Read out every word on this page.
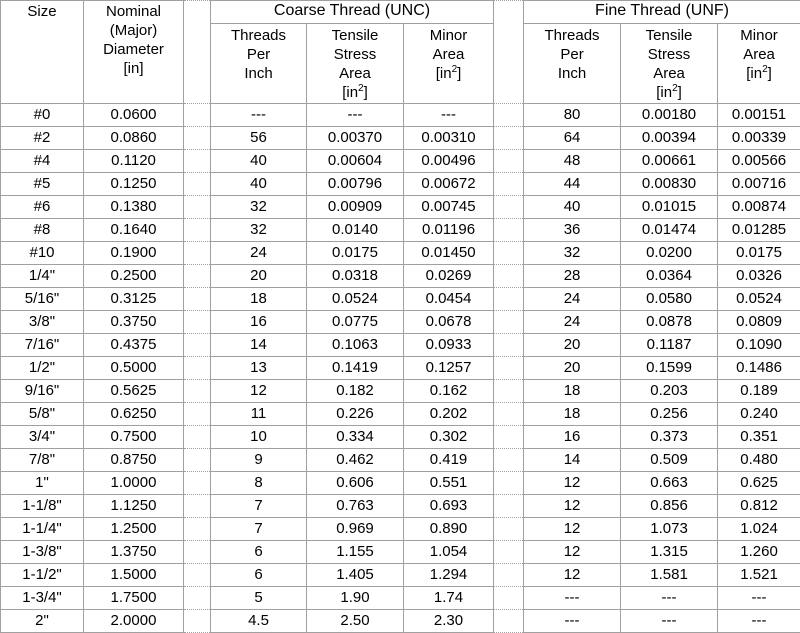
Size	Nominal
(Major)
Diameter
[in]		Coarse Thread (UNC)				Fine Thread (UNF)		

			Threads
Per
Inch	Tensile
Stress
Area
$[in^2]$	Minor
Area
$[in^2]$		Threads
Per
Inch	Tensile
Stress
Area
$[in^2]$	Minor
Area
$[in^2]$

#0	0.0600		---	---	---		80	0.00180	0.00151
#2	0.0860		56	0.00370	0.00310		64	0.00394	0.00339
#4	0.1120		40	0.00604	0.00496		48	0.00661	0.00566
#5	0.1250		40	0.00796	0.00672		44	0.00830	0.00716
#6	0.1380		32	0.00909	0.00745		40	0.01015	0.00874
#8	0.1640		32	0.0140	0.01196		36	0.01474	0.01285
#10	0.1900		24	0.0175	0.01450		32	0.0200	0.0175
1/4"	0.2500		20	0.0318	0.0269		28	0.0364	0.0326
5/16"	0.3125		18	0.0524	0.0454		24	0.0580	0.0524
3/8"	0.3750		16	0.0775	0.0678		24	0.0878	0.0809
7/16"	0.4375		14	0.1063	0.0933		20	0.1187	0.1090
1/2"	0.5000		13	0.1419	0.1257		20	0.1599	0.1486
9/16"	0.5625		12	0.182	0.162		18	0.203	0.189
5/8"	0.6250		11	0.226	0.202		18	0.256	0.240
3/4"	0.7500		10	0.334	0.302		16	0.373	0.351
7/8"	0.8750		9	0.462	0.419		14	0.509	0.480
1"	1.0000		8	0.606	0.551		12	0.663	0.625
1-1/8"	1.1250		7	0.763	0.693		12	0.856	0.812
1-1/4"	1.2500		7	0.969	0.890		12	1.073	1.024
1-3/8"	1.3750		6	1.155	1.054		12	1.315	1.260
1-1/2"	1.5000		6	1.405	1.294		12	1.581	1.521
1-3/4"	1.7500		5	1.90	1.74		---	---	---
2"	2.0000		4.5	2.50	2.30		---	---	---
